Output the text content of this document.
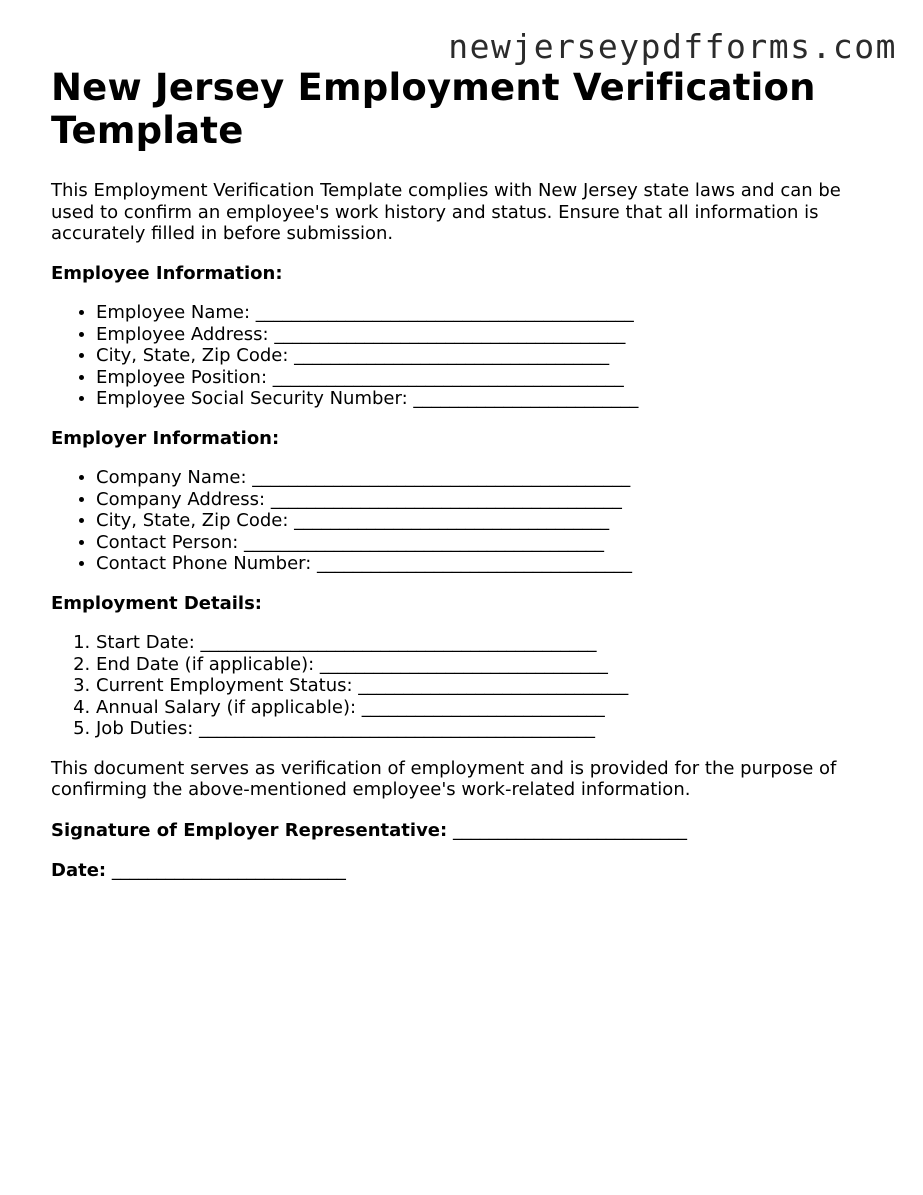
newjerseypdfforms.com

New Jersey Employment Verification Template

This Employment Verification Template complies with New Jersey state laws and can be used to confirm an employee's work history and status. Ensure that all information is accurately filled in before submission.

Employee Information:
• Employee Name: __________________________________________
• Employee Address: _______________________________________
• City, State, Zip Code: ___________________________________
• Employee Position: _______________________________________
• Employee Social Security Number: _________________________
Employer Information:
• Company Name: __________________________________________
• Company Address: _______________________________________
• City, State, Zip Code: ___________________________________
• Contact Person: ________________________________________
• Contact Phone Number: ___________________________________
Employment Details:
1. Start Date: ____________________________________________
2. End Date (if applicable): ________________________________
3. Current Employment Status: ______________________________
4. Annual Salary (if applicable): ___________________________
5. Job Duties: ____________________________________________

This document serves as verification of employment and is provided for the purpose of confirming the above-mentioned employee's work-related information.

Signature of Employer Representative: __________________________

Date: __________________________
